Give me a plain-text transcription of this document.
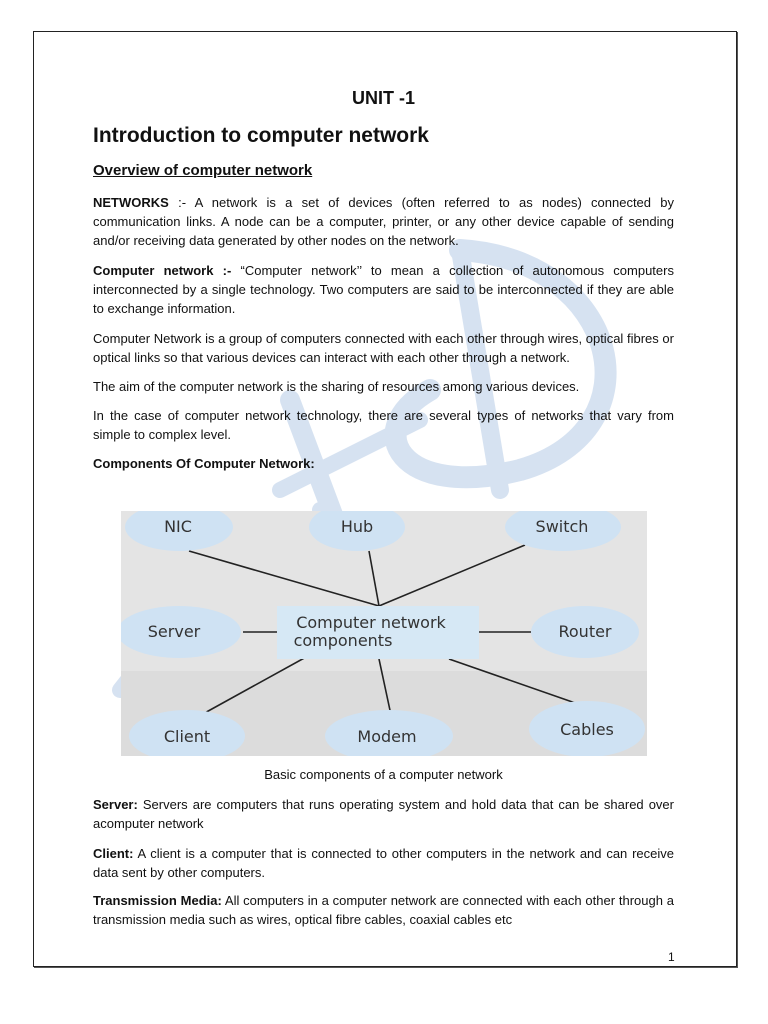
UNIT -1
Introduction to computer network
Overview of computer network
NETWORKS :- A network is a set of devices (often referred to as nodes) connected by communication links. A node can be a computer, printer, or any other device capable of sending and/or receiving data generated by other nodes on the network.
Computer network :- “Computer network’’ to mean a collection of autonomous computers interconnected by a single technology. Two computers are said to be interconnected if they are able to exchange information.
Computer Network is a group of computers connected with each other through wires, optical fibres or optical links so that various devices can interact with each other through a network.
The aim of the computer network is the sharing of resources among various devices.
In the case of computer network technology, there are several types of networks that vary from simple to complex level.
Components Of Computer Network:
NIC	Hub	Switch
Server	Router
Client	Modem	Cables
Computer network
components
Basic components of a computer network
Server: Servers are computers that runs operating system and hold data that can be shared over acomputer network
Client: A client is a computer that is connected to other computers in the network and can receive data sent by other computers.
Transmission Media: All computers in a computer network are connected with each other through a transmission media such as wires, optical fibre cables, coaxial cables etc
1
